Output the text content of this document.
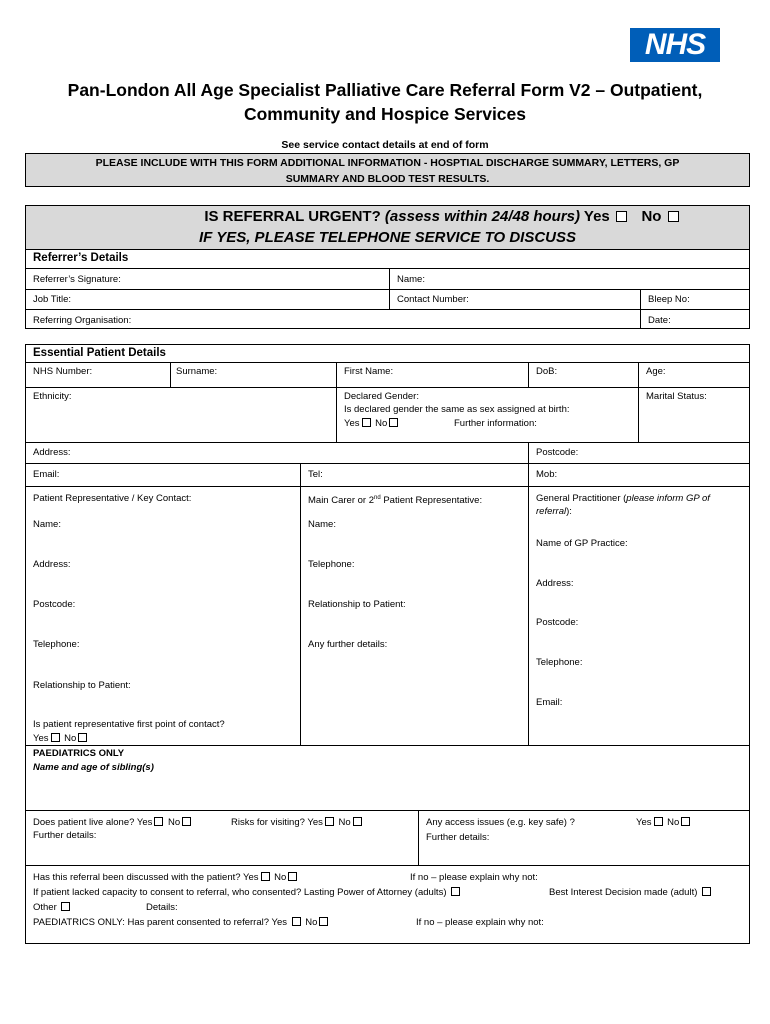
NHS
Pan-London All Age Specialist Palliative Care Referral Form V2 – Outpatient,
Community and Hospice Services
See service contact details at end of form
PLEASE INCLUDE WITH THIS FORM ADDITIONAL INFORMATION - HOSPTIAL DISCHARGE SUMMARY, LETTERS, GP
SUMMARY AND BLOOD TEST RESULTS.
IS REFERRAL URGENT? (assess within 24/48 hours) Yes No
IF YES, PLEASE TELEPHONE SERVICE TO DISCUSS
Referrer’s Details
Referrer’s Signature:	Name:
Job Title:	Contact Number:	Bleep No:
Referring Organisation:	Date:
Essential Patient Details
NHS Number:	Surname:	First Name:	DoB:	Age:
Ethnicity:	Declared Gender:
Is declared gender the same as sex assigned at birth:
Yes No	Further information:
Marital Status:
Address:	Postcode:
Email:	Tel:	Mob:
Patient Representative / Key Contact:
Name:
Address:
Postcode:
Telephone:
Relationship to Patient:
Is patient representative first point of contact?
Yes No
Main Carer or 2nd Patient Representative:
Name:
Telephone:
Relationship to Patient:
Any further details:
General Practitioner (please inform GP of
referral):
Name of GP Practice:
Address:
Postcode:
Telephone:
Email:
PAEDIATRICS ONLY
Name and age of sibling(s)
Does patient live alone? Yes No	Risks for visiting? Yes No
Further details:
Any access issues (e.g. key safe) ?	Yes No
Further details:
Has this referral been discussed with the patient? Yes No	If no – please explain why not:
If patient lacked capacity to consent to referral, who consented? Lasting Power of Attorney (adults)	Best Interest Decision made (adult)
Other	Details:
PAEDIATRICS ONLY: Has parent consented to referral? Yes No	If no – please explain why not:
